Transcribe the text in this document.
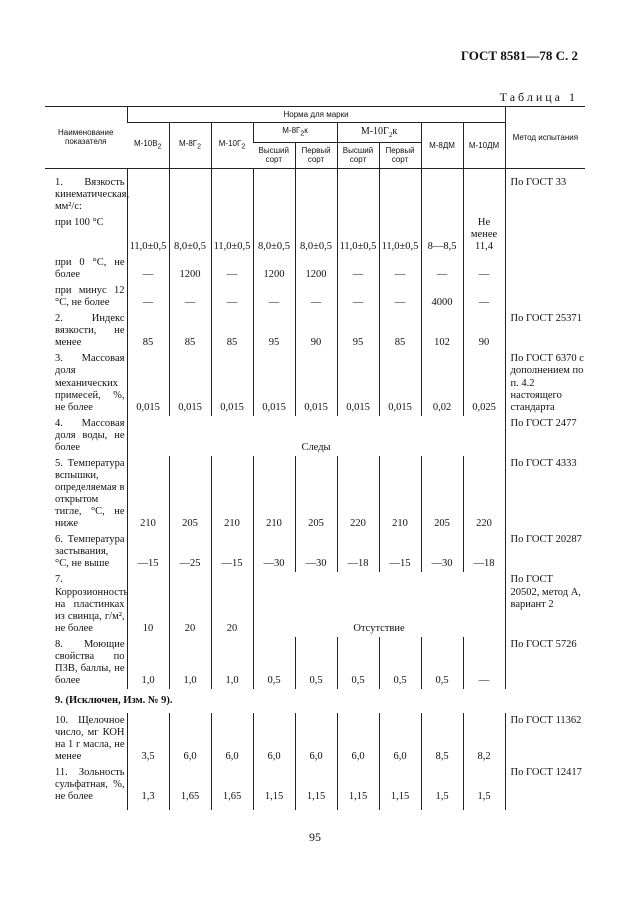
ГОСТ 8581—78 С. 2
Таблица 1
Наименование показателя	Норма для марки									Метод испытания
	$М-10В_2$	$М-8Г_2$	$М-10Г_2$	$М-8Г_2к$		$М-10Г_2к$		М-8ДМ	М-10ДМ	
				Высший сорт	Первый сорт	Высший сорт	Первый сорт			
1. Вязкость кинематическая, мм²/с:										По ГОСТ 33
при 100 °С	11,0±0,5	8,0±0,5	11,0±0,5	8,0±0,5	8,0±0,5	11,0±0,5	11,0±0,5	8—8,5	Не менее 11,4	
при 0 °С, не более	—	1200	—	1200	1200	—	—	—	—	
при минус 12 °С, не более	—	—	—	—	—	—	—	4000	—	
2. Индекс вязкости, не менее	85	85	85	95	90	95	85	102	90	По ГОСТ 25371
3. Массовая доля механических примесей, %, не более	0,015	0,015	0,015	0,015	0,015	0,015	0,015	0,02	0,025	По ГОСТ 6370 с дополнением по п. 4.2 настоящего стандарта
4. Массовая доля воды, не более	Следы									По ГОСТ 2477
5. Температура вспышки, определяемая в открытом тигле, °С, не ниже	210	205	210	210	205	220	210	205	220	По ГОСТ 4333
6. Температура застывания, °С, не выше	—15	—25	—15	—30	—30	—18	—15	—30	—18	По ГОСТ 20287
7. Коррозионность на пластинках из свинца, г/м², не более	10	20	20	Отсутствие						По ГОСТ 20502, метод А, вариант 2
8. Моющие свойства по ПЗВ, баллы, не более	1,0	1,0	1,0	0,5	0,5	0,5	0,5	0,5	—	По ГОСТ 5726
9. (Исключен, Изм. № 9).										
10. Щелочное число, мг КОН на 1 г масла, не менее	3,5	6,0	6,0	6,0	6,0	6,0	6,0	8,5	8,2	По ГОСТ 11362
11. Зольность сульфатная, %, не более	1,3	1,65	1,65	1,15	1,15	1,15	1,15	1,5	1,5	По ГОСТ 12417
95
